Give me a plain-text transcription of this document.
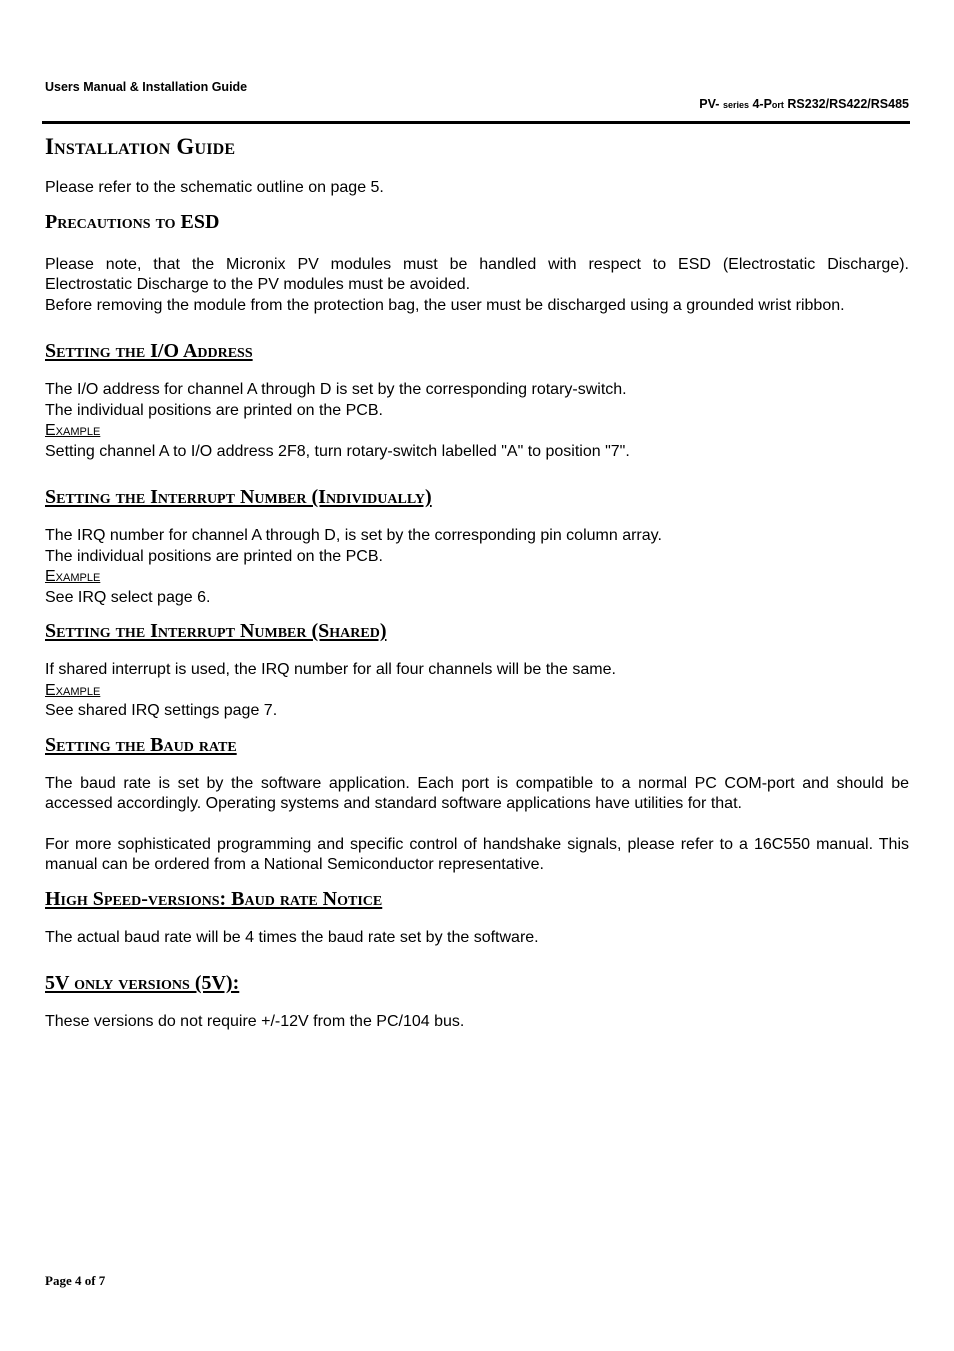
Users Manual & Installation Guide
PV- series 4-Port RS232/RS422/RS485
Installation Guide

Please refer to the schematic outline on page 5.

Precautions to ESD

Please note, that the Micronix PV modules must be handled with respect to ESD (Electrostatic Discharge).

Electrostatic Discharge to the PV modules must be avoided.

Before removing the module from the protection bag, the user must be discharged using a grounded wrist ribbon.

Setting the I/O Address

The I/O address for channel A through D is set by the corresponding rotary-switch.

The individual positions are printed on the PCB.

Example

Setting channel A to I/O address 2F8, turn rotary-switch labelled "A" to position "7".

Setting the Interrupt Number (Individually)

The IRQ number for channel A through D, is set by the corresponding pin column array.

The individual positions are printed on the PCB.

Example

See IRQ select page 6.

Setting the Interrupt Number (Shared)

If shared interrupt is used, the IRQ number for all four channels will be the same.

Example

See shared IRQ settings page 7.

Setting the Baud rate

The baud rate is set by the software application. Each port is compatible to a normal PC COM-port and should be accessed accordingly. Operating systems and standard software applications have utilities for that.

For more sophisticated programming and specific control of handshake signals, please refer to a 16C550 manual. This manual can be ordered from a National Semiconductor representative.

High Speed-versions: Baud rate Notice

The actual baud rate will be 4 times the baud rate set by the software.

5V only versions (5V):

These versions do not require +/-12V from the PC/104 bus.

Page 4 of 7
